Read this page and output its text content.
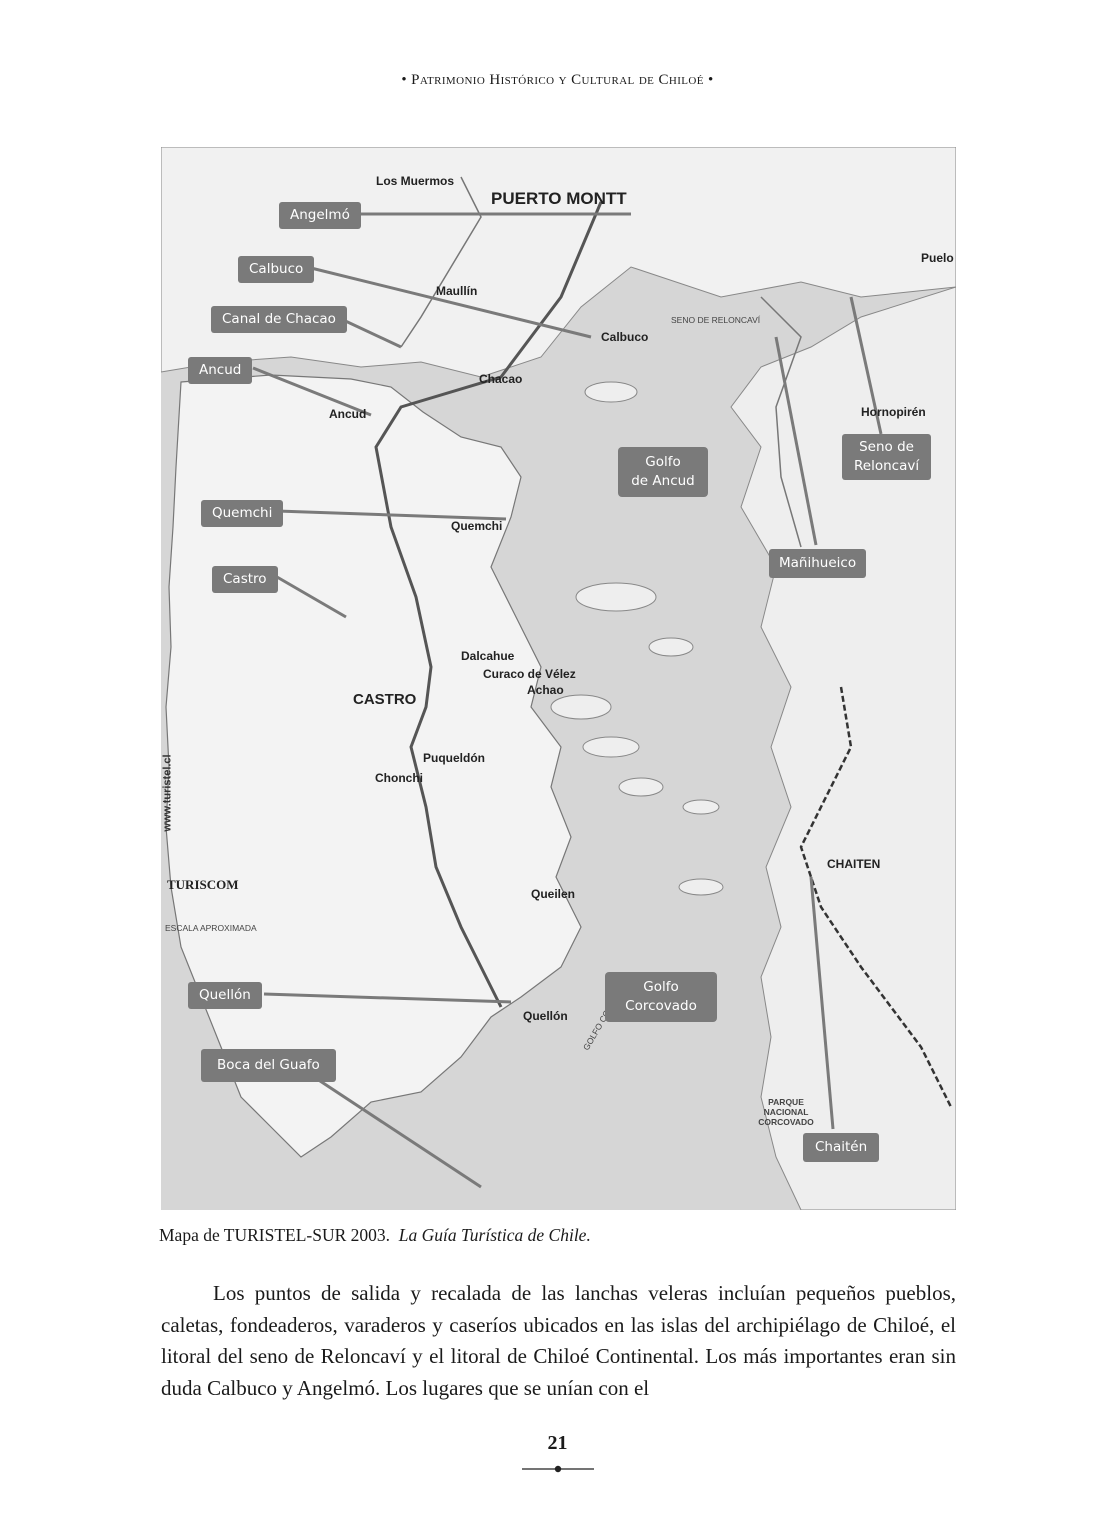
• Patrimonio Histórico y Cultural de Chiloé •
PUERTO MONTT
Los Muermos
Maullín
Calbuco
Chacao
Ancud
Quemchi
Dalcahue
Curaco de Vélez
Achao
CASTRO
Puqueldón
Chonchi
Queilen
Quellón
Hornopirén
CHAITEN
Puelo
PARQUE NACIONAL CORCOVADO
GOLFO
SENO DE RELONCAVÍ
www.turistel.cl
TURISCOM
ESCALA APROXIMADA
Angelmó
Calbuco
Canal de Chacao
Ancud
Quemchi
Castro
Quellón
Boca del Guafo
Seno de
Reloncaví
Mañihueico
Chaitén
Golfo
de Ancud
Golfo
Corcovado
Mapa de TURISTEL-SUR 2003. La Guía Turística de Chile.

Los puntos de salida y recalada de las lanchas veleras incluían pequeños pueblos, caletas, fondeaderos, varaderos y caseríos ubicados en las islas del archipiélago de Chiloé, el litoral del seno de Reloncaví y el litoral de Chiloé Continental. Los más importantes eran sin duda Calbuco y Angelmó. Los lugares que se unían con el

21
